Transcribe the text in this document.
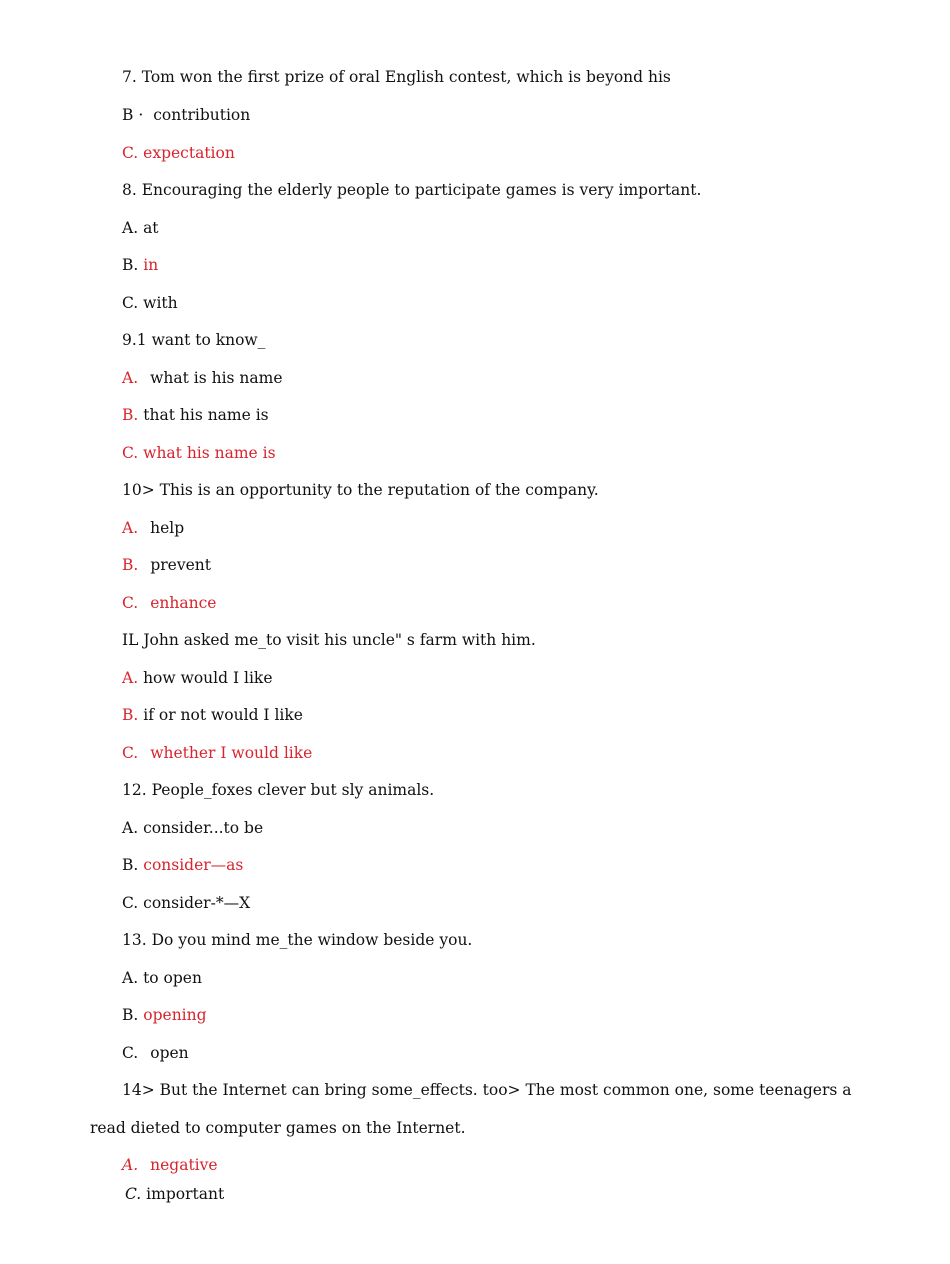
7. Tom won the first prize of oral English contest, which is beyond his
B · contribution
C. expectation
8. Encouraging the elderly people to participate games is very important.
A. at
B. in
C. with
9.1 want to know_
A. what is his name
B. that his name is
C. what his name is
10> This is an opportunity to the reputation of the company.
A. help
B. prevent
C. enhance
IL John asked me_to visit his uncle" s farm with him.
A. how would I like
B. if or not would I like
C. whether I would like
12. People_foxes clever but sly animals.
A. consider...to be
B. consider—as
C. consider-*—X
13. Do you mind me_the window beside you.
A. to open
B. opening
C. open
14> But the Internet can bring some_effects. too> The most common one, some teenagers a
read dieted to computer games on the Internet.
A. negative
C. important
